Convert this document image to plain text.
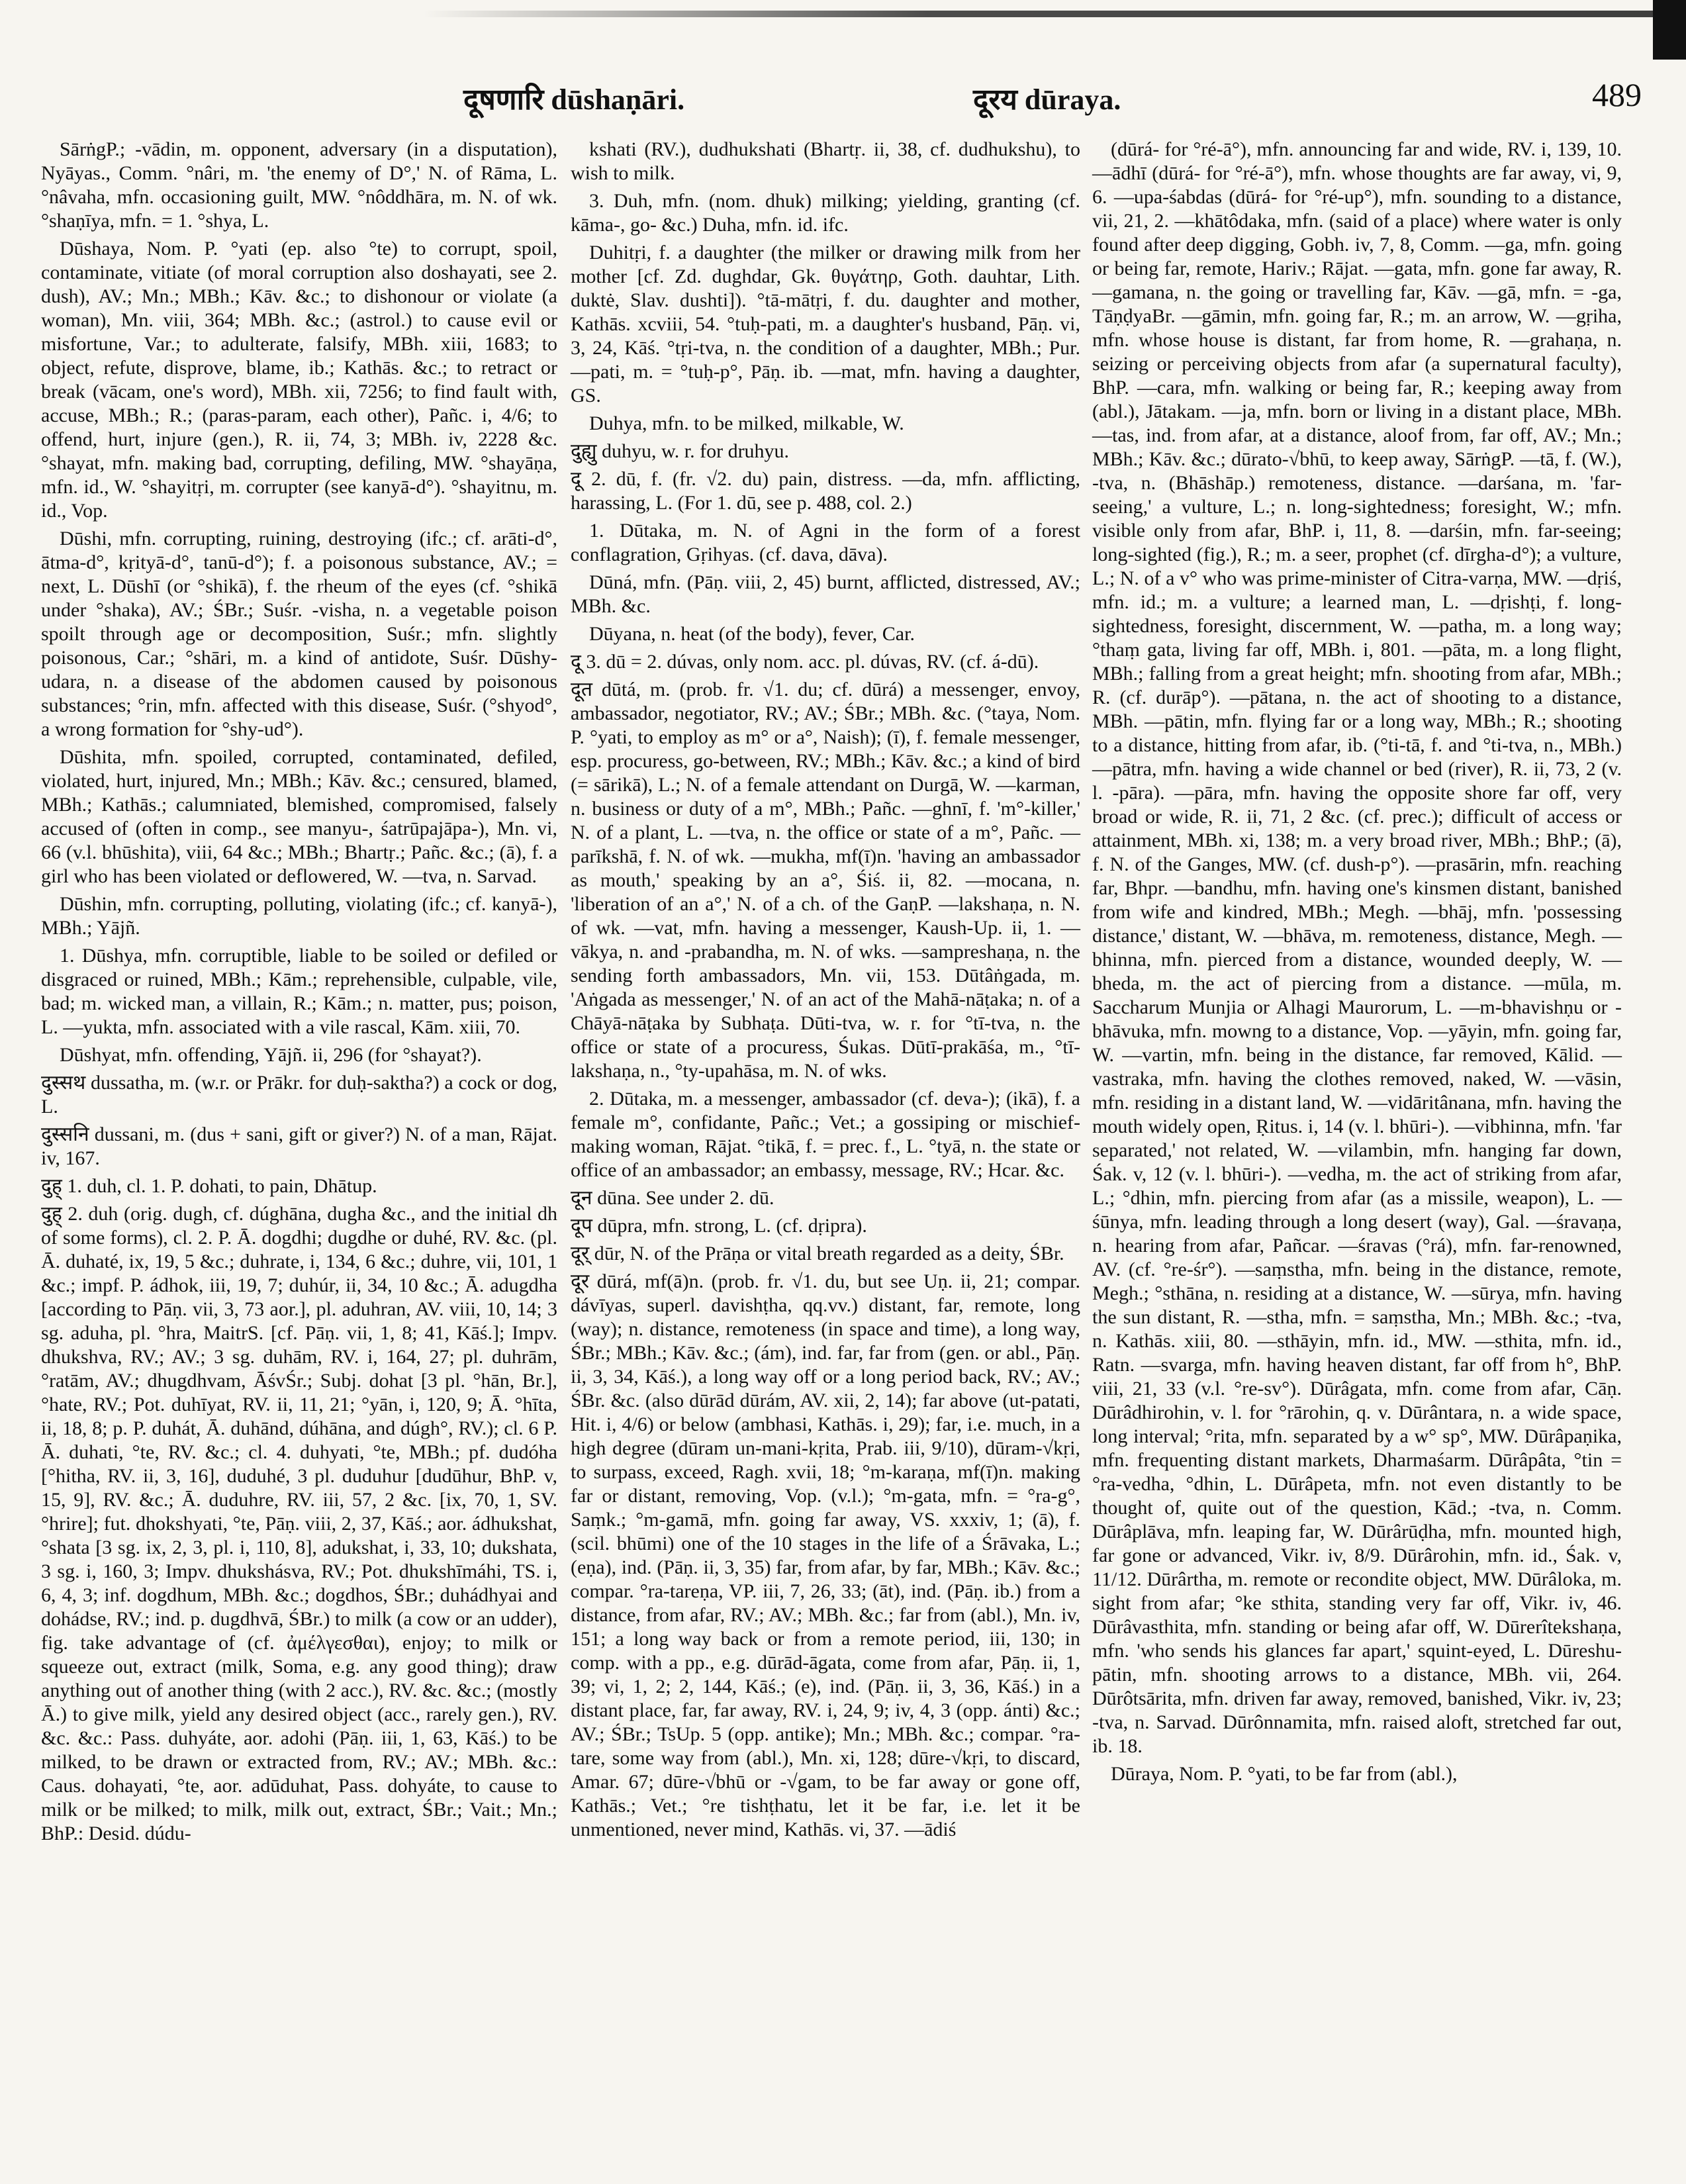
दूषणारि dūshaṇāri.	दूरय dūraya.	489

SārṅgP.; -vādin, m. opponent, adversary (in a disputation), Nyāyas., Comm. °nâri, m. 'the enemy of D°,' N. of Rāma, L. °nâvaha, mfn. occasioning guilt, MW. °nôddhāra, m. N. of wk. °shaṇīya, mfn. = 1. °shya, L.

Dūshaya, Nom. P. °yati (ep. also °te) to corrupt, spoil, contaminate, vitiate (of moral corruption also doshayati, see 2. dush), AV.; Mn.; MBh.; Kāv. &c.; to dishonour or violate (a woman), Mn. viii, 364; MBh. &c.; (astrol.) to cause evil or misfortune, Var.; to adulterate, falsify, MBh. xiii, 1683; to object, refute, disprove, blame, ib.; Kathās. &c.; to retract or break (vācam, one's word), MBh. xii, 7256; to find fault with, accuse, MBh.; R.; (paras-param, each other), Pañc. i, 4/6; to offend, hurt, injure (gen.), R. ii, 74, 3; MBh. iv, 2228 &c. °shayat, mfn. making bad, corrupting, defiling, MW. °shayāṇa, mfn. id., W. °shayitṛi, m. corrupter (see kanyā-d°). °shayitnu, m. id., Vop.

Dūshi, mfn. corrupting, ruining, destroying (ifc.; cf. arāti-d°, ātma-d°, kṛityā-d°, tanū-d°); f. a poisonous substance, AV.; = next, L. Dūshī (or °shikā), f. the rheum of the eyes (cf. °shikā under °shaka), AV.; ŚBr.; Suśr. -visha, n. a vegetable poison spoilt through age or decomposition, Suśr.; mfn. slightly poisonous, Car.; °shāri, m. a kind of antidote, Suśr. Dūshy-udara, n. a disease of the abdomen caused by poisonous substances; °rin, mfn. affected with this disease, Suśr. (°shyod°, a wrong formation for °shy-ud°).

Dūshita, mfn. spoiled, corrupted, contaminated, defiled, violated, hurt, injured, Mn.; MBh.; Kāv. &c.; censured, blamed, MBh.; Kathās.; calumniated, blemished, compromised, falsely accused of (often in comp., see manyu-, śatrūpajāpa-), Mn. vi, 66 (v.l. bhūshita), viii, 64 &c.; MBh.; Bhartṛ.; Pañc. &c.; (ā), f. a girl who has been violated or deflowered, W. —tva, n. Sarvad.

Dūshin, mfn. corrupting, polluting, violating (ifc.; cf. kanyā-), MBh.; Yājñ.

1. Dūshya, mfn. corruptible, liable to be soiled or defiled or disgraced or ruined, MBh.; Kām.; reprehensible, culpable, vile, bad; m. wicked man, a villain, R.; Kām.; n. matter, pus; poison, L. —yukta, mfn. associated with a vile rascal, Kām. xiii, 70.

Dūshyat, mfn. offending, Yājñ. ii, 296 (for °shayat?).

दुस्सथ dussatha, m. (w.r. or Prākr. for duḥ-saktha?) a cock or dog, L.

दुस्सनि dussani, m. (dus + sani, gift or giver?) N. of a man, Rājat. iv, 167.

दुह् 1. duh, cl. 1. P. dohati, to pain, Dhātup.

दुह् 2. duh (orig. dugh, cf. dúghāna, dugha &c., and the initial dh of some forms), cl. 2. P. Ā. dogdhi; dugdhe or duhé, RV. &c. (pl. Ā. duhaté, ix, 19, 5 &c.; duhrate, i, 134, 6 &c.; duhre, vii, 101, 1 &c.; impf. P. ádhok, iii, 19, 7; duhúr, ii, 34, 10 &c.; Ā. adugdha [according to Pāṇ. vii, 3, 73 aor.], pl. aduhran, AV. viii, 10, 14; 3 sg. aduha, pl. °hra, MaitrS. [cf. Pāṇ. vii, 1, 8; 41, Kāś.]; Impv. dhukshva, RV.; AV.; 3 sg. duhām, RV. i, 164, 27; pl. duhrām, °ratām, AV.; dhugdhvam, ĀśvŚr.; Subj. dohat [3 pl. °hān, Br.], °hate, RV.; Pot. duhīyat, RV. ii, 11, 21; °yān, i, 120, 9; Ā. °hīta, ii, 18, 8; p. P. duhát, Ā. duhānd, dúhāna, and dúgh°, RV.); cl. 6 P. Ā. duhati, °te, RV. &c.; cl. 4. duhyati, °te, MBh.; pf. dudóha [°hitha, RV. ii, 3, 16], duduhé, 3 pl. duduhur [dudūhur, BhP. v, 15, 9], RV. &c.; Ā. duduhre, RV. iii, 57, 2 &c. [ix, 70, 1, SV. °hrire]; fut. dhokshyati, °te, Pāṇ. viii, 2, 37, Kāś.; aor. ádhukshat, °shata [3 sg. ix, 2, 3, pl. i, 110, 8], adukshat, i, 33, 10; dukshata, 3 sg. i, 160, 3; Impv. dhukshásva, RV.; Pot. dhukshīmáhi, TS. i, 6, 4, 3; inf. dogdhum, MBh. &c.; dogdhos, ŚBr.; duhádhyai and dohádse, RV.; ind. p. dugdhvā, ŚBr.) to milk (a cow or an udder), fig. take advantage of (cf. ἀμέλγεσθαι), enjoy; to milk or squeeze out, extract (milk, Soma, e.g. any good thing); draw anything out of another thing (with 2 acc.), RV. &c. &c.; (mostly Ā.) to give milk, yield any desired object (acc., rarely gen.), RV. &c. &c.: Pass. duhyáte, aor. adohi (Pāṇ. iii, 1, 63, Kāś.) to be milked, to be drawn or extracted from, RV.; AV.; MBh. &c.: Caus. dohayati, °te, aor. adūduhat, Pass. dohyáte, to cause to milk or be milked; to milk, milk out, extract, ŚBr.; Vait.; Mn.; BhP.: Desid. dúdu-

kshati (RV.), dudhukshati (Bhartṛ. ii, 38, cf. dudhukshu), to wish to milk.

3. Duh, mfn. (nom. dhuk) milking; yielding, granting (cf. kāma-, go- &c.) Duha, mfn. id. ifc.

Duhitṛi, f. a daughter (the milker or drawing milk from her mother [cf. Zd. dughdar, Gk. θυγάτηρ, Goth. dauhtar, Lith. duktė, Slav. dushti]). °tā-mātṛi, f. du. daughter and mother, Kathās. xcviii, 54. °tuḥ-pati, m. a daughter's husband, Pāṇ. vi, 3, 24, Kāś. °tṛi-tva, n. the condition of a daughter, MBh.; Pur. —pati, m. = °tuḥ-p°, Pāṇ. ib. —mat, mfn. having a daughter, GS.

Duhya, mfn. to be milked, milkable, W.

दुह्यु duhyu, w. r. for druhyu.

दू 2. dū, f. (fr. √2. du) pain, distress. —da, mfn. afflicting, harassing, L. (For 1. dū, see p. 488, col. 2.)

1. Dūtaka, m. N. of Agni in the form of a forest conflagration, Gṛihyas. (cf. dava, dāva).

Dūná, mfn. (Pāṇ. viii, 2, 45) burnt, afflicted, distressed, AV.; MBh. &c.

Dūyana, n. heat (of the body), fever, Car.

दू 3. dū = 2. dúvas, only nom. acc. pl. dúvas, RV. (cf. á-dū).

दूत dūtá, m. (prob. fr. √1. du; cf. dūrá) a messenger, envoy, ambassador, negotiator, RV.; AV.; ŚBr.; MBh. &c. (°taya, Nom. P. °yati, to employ as m° or a°, Naish); (ī), f. female messenger, esp. procuress, go-between, RV.; MBh.; Kāv. &c.; a kind of bird (= sārikā), L.; N. of a female attendant on Durgā, W. —karman, n. business or duty of a m°, MBh.; Pañc. —ghnī, f. 'm°-killer,' N. of a plant, L. —tva, n. the office or state of a m°, Pañc. —parīkshā, f. N. of wk. —mukha, mf(ī)n. 'having an ambassador as mouth,' speaking by an a°, Śiś. ii, 82. —mocana, n. 'liberation of an a°,' N. of a ch. of the GaṇP. —lakshaṇa, n. N. of wk. —vat, mfn. having a messenger, Kaush-Up. ii, 1. —vākya, n. and -prabandha, m. N. of wks. —sampreshaṇa, n. the sending forth ambassadors, Mn. vii, 153. Dūtâṅgada, m. 'Aṅgada as messenger,' N. of an act of the Mahā-nāṭaka; n. of a Chāyā-nāṭaka by Subhaṭa. Dūti-tva, w. r. for °tī-tva, n. the office or state of a procuress, Śukas. Dūtī-prakāśa, m., °tī-lakshaṇa, n., °ty-upahāsa, m. N. of wks.

2. Dūtaka, m. a messenger, ambassador (cf. deva-); (ikā), f. a female m°, confidante, Pañc.; Vet.; a gossiping or mischief-making woman, Rājat. °tikā, f. = prec. f., L. °tyā, n. the state or office of an ambassador; an embassy, message, RV.; Hcar. &c.

दून dūna. See under 2. dū.

दूप dūpra, mfn. strong, L. (cf. dṛipra).

दूर् dūr, N. of the Prāṇa or vital breath regarded as a deity, ŚBr.

दूर dūrá, mf(ā)n. (prob. fr. √1. du, but see Uṇ. ii, 21; compar. dávīyas, superl. davishṭha, qq.vv.) distant, far, remote, long (way); n. distance, remoteness (in space and time), a long way, ŚBr.; MBh.; Kāv. &c.; (ám), ind. far, far from (gen. or abl., Pāṇ. ii, 3, 34, Kāś.), a long way off or a long period back, RV.; AV.; ŚBr. &c. (also dūrād dūrám, AV. xii, 2, 14); far above (ut-patati, Hit. i, 4/6) or below (ambhasi, Kathās. i, 29); far, i.e. much, in a high degree (dūram un-mani-kṛita, Prab. iii, 9/10), dūram-√kṛi, to surpass, exceed, Ragh. xvii, 18; °m-karaṇa, mf(ī)n. making far or distant, removing, Vop. (v.l.); °m-gata, mfn. = °ra-g°, Saṃk.; °m-gamā, mfn. going far away, VS. xxxiv, 1; (ā), f. (scil. bhūmi) one of the 10 stages in the life of a Śrāvaka, L.; (eṇa), ind. (Pāṇ. ii, 3, 35) far, from afar, by far, MBh.; Kāv. &c.; compar. °ra-tareṇa, VP. iii, 7, 26, 33; (āt), ind. (Pāṇ. ib.) from a distance, from afar, RV.; AV.; MBh. &c.; far from (abl.), Mn. iv, 151; a long way back or from a remote period, iii, 130; in comp. with a pp., e.g. dūrād-āgata, come from afar, Pāṇ. ii, 1, 39; vi, 1, 2; 2, 144, Kāś.; (e), ind. (Pāṇ. ii, 3, 36, Kāś.) in a distant place, far, far away, RV. i, 24, 9; iv, 4, 3 (opp. ánti) &c.; AV.; ŚBr.; TsUp. 5 (opp. antike); Mn.; MBh. &c.; compar. °ra-tare, some way from (abl.), Mn. xi, 128; dūre-√kṛi, to discard, Amar. 67; dūre-√bhū or -√gam, to be far away or gone off, Kathās.; Vet.; °re tishṭhatu, let it be far, i.e. let it be unmentioned, never mind, Kathās. vi, 37. —ādiś

(dūrá- for °ré-ā°), mfn. announcing far and wide, RV. i, 139, 10. —ādhī (dūrá- for °ré-ā°), mfn. whose thoughts are far away, vi, 9, 6. —upa-śabdas (dūrá- for °ré-up°), mfn. sounding to a distance, vii, 21, 2. —khātôdaka, mfn. (said of a place) where water is only found after deep digging, Gobh. iv, 7, 8, Comm. —ga, mfn. going or being far, remote, Hariv.; Rājat. —gata, mfn. gone far away, R. —gamana, n. the going or travelling far, Kāv. —gā, mfn. = -ga, TāṇḍyaBr. —gāmin, mfn. going far, R.; m. an arrow, W. —gṛiha, mfn. whose house is distant, far from home, R. —grahaṇa, n. seizing or perceiving objects from afar (a supernatural faculty), BhP. —cara, mfn. walking or being far, R.; keeping away from (abl.), Jātakam. —ja, mfn. born or living in a distant place, MBh. —tas, ind. from afar, at a distance, aloof from, far off, AV.; Mn.; MBh.; Kāv. &c.; dūrato-√bhū, to keep away, SārṅgP. —tā, f. (W.), -tva, n. (Bhāshāp.) remoteness, distance. —darśana, m. 'far-seeing,' a vulture, L.; n. long-sightedness; foresight, W.; mfn. visible only from afar, BhP. i, 11, 8. —darśin, mfn. far-seeing; long-sighted (fig.), R.; m. a seer, prophet (cf. dīrgha-d°); a vulture, L.; N. of a v° who was prime-minister of Citra-varṇa, MW. —dṛiś, mfn. id.; m. a vulture; a learned man, L. —dṛishṭi, f. long-sightedness, foresight, discernment, W. —patha, m. a long way; °thaṃ gata, living far off, MBh. i, 801. —pāta, m. a long flight, MBh.; falling from a great height; mfn. shooting from afar, MBh.; R. (cf. durāp°). —pātana, n. the act of shooting to a distance, MBh. —pātin, mfn. flying far or a long way, MBh.; R.; shooting to a distance, hitting from afar, ib. (°ti-tā, f. and °ti-tva, n., MBh.) —pātra, mfn. having a wide channel or bed (river), R. ii, 73, 2 (v. l. -pāra). —pāra, mfn. having the opposite shore far off, very broad or wide, R. ii, 71, 2 &c. (cf. prec.); difficult of access or attainment, MBh. xi, 138; m. a very broad river, MBh.; BhP.; (ā), f. N. of the Ganges, MW. (cf. dush-p°). —prasārin, mfn. reaching far, Bhpr. —bandhu, mfn. having one's kinsmen distant, banished from wife and kindred, MBh.; Megh. —bhāj, mfn. 'possessing distance,' distant, W. —bhāva, m. remoteness, distance, Megh. —bhinna, mfn. pierced from a distance, wounded deeply, W. —bheda, m. the act of piercing from a distance. —mūla, m. Saccharum Munjia or Alhagi Maurorum, L. —m-bhavishṇu or -bhāvuka, mfn. mowng to a distance, Vop. —yāyin, mfn. going far, W. —vartin, mfn. being in the distance, far removed, Kālid. —vastraka, mfn. having the clothes removed, naked, W. —vāsin, mfn. residing in a distant land, W. —vidāritânana, mfn. having the mouth widely open, Ṛitus. i, 14 (v. l. bhūri-). —vibhinna, mfn. 'far separated,' not related, W. —vilambin, mfn. hanging far down, Śak. v, 12 (v. l. bhūri-). —vedha, m. the act of striking from afar, L.; °dhin, mfn. piercing from afar (as a missile, weapon), L. —śūnya, mfn. leading through a long desert (way), Gal. —śravaṇa, n. hearing from afar, Pañcar. —śravas (°rá), mfn. far-renowned, AV. (cf. °re-śr°). —saṃstha, mfn. being in the distance, remote, Megh.; °sthāna, n. residing at a distance, W. —sūrya, mfn. having the sun distant, R. —stha, mfn. = saṃstha, Mn.; MBh. &c.; -tva, n. Kathās. xiii, 80. —sthāyin, mfn. id., MW. —sthita, mfn. id., Ratn. —svarga, mfn. having heaven distant, far off from h°, BhP. viii, 21, 33 (v.l. °re-sv°). Dūrâgata, mfn. come from afar, Cāṇ. Dūrâdhirohin, v. l. for °rārohin, q. v. Dūrântara, n. a wide space, long interval; °rita, mfn. separated by a w° sp°, MW. Dūrâpaṇika, mfn. frequenting distant markets, Dharmaśarm. Dūrâpâta, °tin = °ra-vedha, °dhin, L. Dūrâpeta, mfn. not even distantly to be thought of, quite out of the question, Kād.; -tva, n. Comm. Dūrâplāva, mfn. leaping far, W. Dūrârūḍha, mfn. mounted high, far gone or advanced, Vikr. iv, 8/9. Dūrârohin, mfn. id., Śak. v, 11/12. Dūrârtha, m. remote or recondite object, MW. Dūrâloka, m. sight from afar; °ke sthita, standing very far off, Vikr. iv, 46. Dūrâvasthita, mfn. standing or being afar off, W. Dūrerîtekshaṇa, mfn. 'who sends his glances far apart,' squint-eyed, L. Dūreshu-pātin, mfn. shooting arrows to a distance, MBh. vii, 264. Dūrôtsārita, mfn. driven far away, removed, banished, Vikr. iv, 23; -tva, n. Sarvad. Dūrônnamita, mfn. raised aloft, stretched far out, ib. 18.

Dūraya, Nom. P. °yati, to be far from (abl.),
